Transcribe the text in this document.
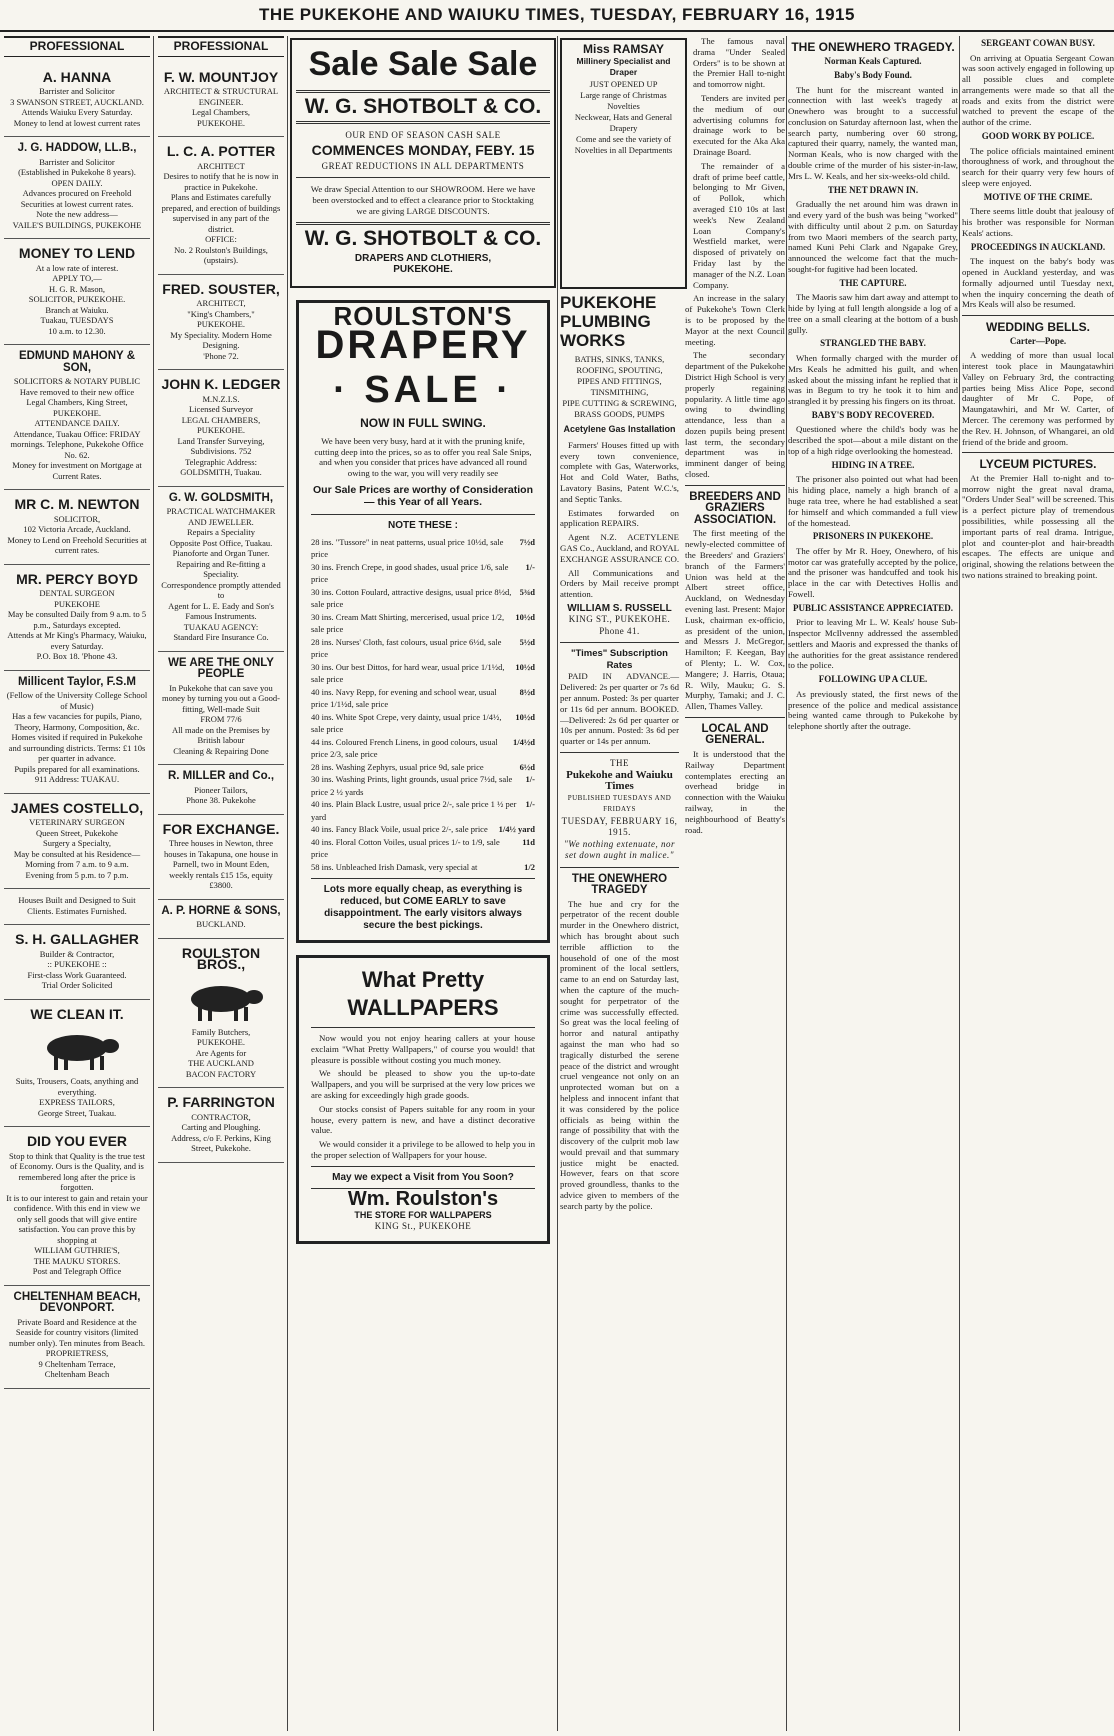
THE PUKEKOHE AND WAIUKU TIMES, TUESDAY, FEBRUARY 16, 1915
PROFESSIONAL
A. HANNA
Barrister and Solicitor
3 SWANSON STREET, AUCKLAND.
Attends Waiuku Every Saturday.
Money to lend at lowest current rates
J. G. HADDOW, LL.B.,
Barrister and Solicitor
(Established in Pukekohe 8 years).
OPEN DAILY.
Advances procured on Freehold Securities at lowest current rates.
Note the new address—
VAILE'S BUILDINGS, PUKEKOHE
MONEY TO LEND
At a low rate of interest.
APPLY TO,—
H. G. R. Mason,
SOLICITOR, PUKEKOHE.
Branch at Waiuku.
Tuakau, TUESDAYS
10 a.m. to 12.30.
EDMUND MAHONY & SON,
SOLICITORS & NOTARY PUBLIC
Have removed to their new office
Legal Chambers, King Street,
PUKEKOHE.
ATTENDANCE DAILY.
Attendance, Tuakau Office: FRIDAY mornings. Telephone, Pukekohe Office No. 62.
Money for investment on Mortgage at Current Rates.
MR C. M. NEWTON
SOLICITOR,
102 Victoria Arcade, Auckland.
Money to Lend on Freehold Securities at current rates.
MR. PERCY BOYD
DENTAL SURGEON
PUKEKOHE
May be consulted Daily from 9 a.m. to 5 p.m., Saturdays excepted.
Attends at Mr King's Pharmacy, Waiuku, every Saturday.
P.O. Box 18. 'Phone 43.
Millicent Taylor, F.S.M
(Fellow of the University College School of Music)
Has a few vacancies for pupils, Piano, Theory, Harmony, Composition, &c. Homes visited if required in Pukekohe and surrounding districts. Terms: £1 10s per quarter in advance.
Pupils prepared for all examinations.
911 Address: TUAKAU.
JAMES COSTELLO,
VETERINARY SURGEON
Queen Street, Pukekohe
Surgery a Specialty,
May be consulted at his Residence—
Morning from 7 a.m. to 9 a.m.
Evening from 5 p.m. to 7 p.m.
Houses Built and Designed to Suit Clients. Estimates Furnished.
S. H. GALLAGHER
Builder & Contractor,
:: PUKEKOHE ::
First-class Work Guaranteed.
Trial Order Solicited
WE CLEAN IT.
Suits, Trousers, Coats, anything and everything.
EXPRESS TAILORS,
George Street, Tuakau.
DID YOU EVER
Stop to think that Quality is the true test of Economy. Ours is the Quality, and is remembered long after the price is forgotten.
It is to our interest to gain and retain your confidence. With this end in view we only sell goods that will give entire satisfaction. You can prove this by shopping at
WILLIAM GUTHRIE'S,
THE MAUKU STORES.
Post and Telegraph Office
CHELTENHAM BEACH, DEVONPORT.
Private Board and Residence at the Seaside for country visitors (limited number only). Ten minutes from Beach.
PROPRIETRESS,
9 Cheltenham Terrace,
Cheltenham Beach
PROFESSIONAL
F. W. MOUNTJOY
ARCHITECT & STRUCTURAL ENGINEER.
Legal Chambers,
PUKEKOHE.
L. C. A. POTTER
ARCHITECT
Desires to notify that he is now in practice in Pukekohe.
Plans and Estimates carefully prepared, and erection of buildings supervised in any part of the district.
OFFICE:
No. 2 Roulston's Buildings, (upstairs).
FRED. SOUSTER,
ARCHITECT,
"King's Chambers,"
PUKEKOHE.
My Speciality. Modern Home Designing.
'Phone 72.
JOHN K. LEDGER
M.N.Z.I.S.
Licensed Surveyor
LEGAL CHAMBERS,
PUKEKOHE.
Land Transfer Surveying, Subdivisions. 752
Telegraphic Address: GOLDSMITH, Tuakau.
G. W. GOLDSMITH,
PRACTICAL WATCHMAKER AND JEWELLER.
Repairs a Speciality
Opposite Post Office, Tuakau.
Pianoforte and Organ Tuner. Repairing and Re-fitting a Speciality.
Correspondence promptly attended to
Agent for L. E. Eady and Son's Famous Instruments.
TUAKAU AGENCY:
Standard Fire Insurance Co.
WE ARE THE ONLY PEOPLE
In Pukekohe that can save you money by turning you out a Good-fitting, Well-made Suit
FROM 77/6
All made on the Premises by British labour
Cleaning & Repairing Done
R. MILLER and Co.,
Pioneer Tailors,
Phone 38. Pukekohe
FOR EXCHANGE.
Three houses in Newton, three houses in Takapuna, one house in Parnell, two in Mount Eden, weekly rentals £15 15s, equity £3800.
A. P. HORNE & SONS,
BUCKLAND.
ROULSTON BROS.,
Family Butchers,
PUKEKOHE.
Are Agents for
THE AUCKLAND
BACON FACTORY
P. FARRINGTON
CONTRACTOR,
Carting and Ploughing.
Address, c/o F. Perkins, King Street, Pukekohe.
Sale Sale Sale
W. G. SHOTBOLT & CO.
OUR END OF SEASON CASH SALE
COMMENCES MONDAY, FEBY. 15
GREAT REDUCTIONS IN ALL DEPARTMENTS

We draw Special Attention to our SHOWROOM. Here we have been overstocked and to effect a clearance prior to Stocktaking we are giving LARGE DISCOUNTS.

W. G. SHOTBOLT & CO.
DRAPERS AND CLOTHIERS,
PUKEKOHE.
ROULSTON'S
DRAPERY
· SALE ·
NOW IN FULL SWING.

We have been very busy, hard at it with the pruning knife, cutting deep into the prices, so as to offer you real Sale Snips, and when you consider that prices have advanced all round owing to the war, you will very readily see

Our Sale Prices are worthy of Consideration — this Year of all Years.
NOTE THESE :
28 ins. "Tussore" in neat patterns, usual price 10½d, sale price
7½d
30 ins. French Crepe, in good shades, usual price 1/6, sale price
1/-
30 ins. Cotton Foulard, attractive designs, usual price 8½d, sale price
5¾d
30 ins. Cream Matt Shirting, mercerised, usual price 1/2, sale price
10½d
28 ins. Nurses' Cloth, fast colours, usual price 6½d, sale price
5½d
30 ins. Our best Dittos, for hard wear, usual price 1/1½d, sale price
10½d
40 ins. Navy Repp, for evening and school wear, usual price 1/1½d, sale price
8½d
40 ins. White Spot Crepe, very dainty, usual price 1/4½, sale price
10½d
44 ins. Coloured French Linens, in good colours, usual price 2/3, sale price
1/4½d
28 ins. Washing Zephyrs, usual price 9d, sale price	6½d
30 ins. Washing Prints, light grounds, usual price 7½d, sale price 2 ½ yards
1/-
40 ins. Plain Black Lustre, usual price 2/-, sale price 1 ½ per yard
1/-
40 ins. Fancy Black Voile, usual price 2/-, sale price 1/4½ yard
40 ins. Floral Cotton Voiles, usual prices 1/- to 1/9, sale price
11d
58 ins. Unbleached Irish Damask, very special at	1/2
Lots more equally cheap, as everything is reduced, but COME EARLY to save disappointment. The early visitors always secure the best pickings.
What Pretty WALLPAPERS

Now would you not enjoy hearing callers at your house exclaim "What Pretty Wallpapers," of course you would! that pleasure is possible without costing you much money.

We should be pleased to show you the up-to-date Wallpapers, and you will be surprised at the very low prices we are asking for exceedingly high grade goods.

Our stocks consist of Papers suitable for any room in your house, every pattern is new, and have a distinct decorative value.

We would consider it a privilege to be allowed to help you in the proper selection of Wallpapers for your house.

May we expect a Visit from You Soon?
Wm. Roulston's
THE STORE FOR WALLPAPERS
KING St., PUKEKOHE
Miss RAMSAY
Millinery Specialist and Draper
JUST OPENED UP
Large range of Christmas Novelties
Neckwear, Hats and General Drapery
Come and see the variety of Novelties in all Departments

The famous naval drama "Under Sealed Orders" is to be shown at the Premier Hall to-night and tomorrow night.

Tenders are invited per the medium of our advertising columns for drainage work to be executed for the Aka Aka Drainage Board.

The remainder of a draft of prime beef cattle, belonging to Mr Given, of Pollok, which averaged £10 10s at last week's New Zealand Loan Company's Westfield market, were disposed of privately on Friday last by the manager of the N.Z. Loan Company.

PUKEKOHE PLUMBING WORKS
BATHS, SINKS, TANKS,
ROOFING, SPOUTING,
PIPES AND FITTINGS,
TINSMITHING,
PIPE CUTTING & SCREWING,
BRASS GOODS, PUMPS
Acetylene Gas Installation

Farmers' Houses fitted up with every town convenience, complete with Gas, Waterworks, Hot and Cold Water, Baths, Lavatory Basins, Patent W.C.'s, and Septic Tanks.

Estimates forwarded on application REPAIRS.

Agent N.Z. ACETYLENE GAS Co., Auckland, and ROYAL EXCHANGE ASSURANCE CO.

All Communications and Orders by Mail receive prompt attention.

WILLIAM S. RUSSELL
KING ST., PUKEKOHE.
Phone 41.
"Times" Subscription Rates

PAID IN ADVANCE.—Delivered: 2s per quarter or 7s 6d per annum. Posted: 3s per quarter or 11s 6d per annum. BOOKED.—Delivered: 2s 6d per quarter or 10s per annum. Posted: 3s 6d per quarter or 14s per annum.

THE
Pukekohe and Waiuku Times
PUBLISHED TUESDAYS AND FRIDAYS
TUESDAY, FEBRUARY 16, 1915.
"We nothing extenuate, nor set down aught in malice."
THE ONEWHERO TRAGEDY

The hue and cry for the perpetrator of the recent double murder in the Onewhero district, which has brought about such terrible affliction to the household of one of the most prominent of the local settlers, came to an end on Saturday last, when the capture of the much-sought for perpetrator of the crime was successfully effected. So great was the local feeling of horror and natural antipathy against the man who had so tragically disturbed the serene peace of the district and wrought cruel vengeance not only on an unprotected woman but on a helpless and innocent infant that it was considered by the police officials as being within the range of possibility that with the discovery of the culprit mob law would prevail and that summary justice might be enacted. However, fears on that score proved groundless, thanks to the advice given to members of the search party by the police.

An increase in the salary of Pukekohe's Town Clerk is to be proposed by the Mayor at the next Council meeting.

The secondary department of the Pukekohe District High School is very properly regaining popularity. A little time ago owing to dwindling attendance, less than a dozen pupils being present last term, the secondary department was in imminent danger of being closed.

BREEDERS AND GRAZIERS ASSOCIATION.

The first meeting of the newly-elected committee of the Breeders' and Graziers' branch of the Farmers' Union was held at the Albert street office, Auckland, on Wednesday evening last. Present: Major Lusk, chairman ex-officio, as president of the union, and Messrs J. McGregor, Hamilton; F. Keegan, Bay of Plenty; L. W. Cox, Mangere; J. Harris, Otaua; R. Wily, Mauku; G. S. Murphy, Tamaki; and J. C. Allen, Thames Valley.

LOCAL AND GENERAL.

It is understood that the Railway Department contemplates erecting an overhead bridge in connection with the Waiuku railway, in the neighbourhood of Beatty's road.

THE ONEWHERO TRAGEDY.
Norman Keals Captured.
Baby's Body Found.

The hunt for the miscreant wanted in connection with last week's tragedy at Onewhero was brought to a successful conclusion on Saturday afternoon last, when the search party, numbering over 60 strong, captured their quarry, namely, the wanted man, Norman Keals, who is now charged with the double crime of the murder of his sister-in-law, Mrs L. W. Keals, and her six-weeks-old child.

THE NET DRAWN IN.

Gradually the net around him was drawn in and every yard of the bush was being "worked" with difficulty until about 2 p.m. on Saturday from two Maori members of the search party, named Kuni Pehi Clark and Ngapake Grey, announced the welcome fact that the much-sought-for fugitive had been located.

THE CAPTURE.

The Maoris saw him dart away and attempt to hide by lying at full length alongside a log of a tree on a small clearing at the bottom of a bush gully.

STRANGLED THE BABY.

When formally charged with the murder of Mrs Keals he admitted his guilt, and when asked about the missing infant he replied that it was in Begum to try he took it to him and strangled it by pressing his fingers on its throat.

BABY'S BODY RECOVERED.

Questioned where the child's body was he described the spot—about a mile distant on the top of a high ridge overlooking the homestead.

HIDING IN A TREE.

The prisoner also pointed out what had been his hiding place, namely a high branch of a huge rata tree, where he had established a seat for himself and which commanded a full view of the homestead.

PRISONERS IN PUKEKOHE.

The offer by Mr R. Hoey, Onewhero, of his motor car was gratefully accepted by the police, and the prisoner was handcuffed and took his place in the car with Detectives Hollis and Fowell.

PUBLIC ASSISTANCE APPRECIATED.

Prior to leaving Mr L. W. Keals' house Sub-Inspector McIlvenny addressed the assembled settlers and Maoris and expressed the thanks of the authorities for the great assistance rendered to the police.

FOLLOWING UP A CLUE.

As previously stated, the first news of the presence of the police and medical assistance being wanted came through to Pukekohe by telephone shortly after the outrage.

SERGEANT COWAN BUSY.

On arriving at Opuatia Sergeant Cowan was soon actively engaged in following up all possible clues and complete arrangements were made so that all the roads and exits from the district were watched to prevent the escape of the author of the crime.

GOOD WORK BY POLICE.

The police officials maintained eminent thoroughness of work, and throughout the search for their quarry very few hours of sleep were enjoyed.

MOTIVE OF THE CRIME.

There seems little doubt that jealousy of his brother was responsible for Norman Keals' actions.

PROCEEDINGS IN AUCKLAND.

The inquest on the baby's body was opened in Auckland yesterday, and was formally adjourned until Tuesday next, when the inquiry concerning the death of Mrs Keals will also be resumed.

WEDDING BELLS.
Carter—Pope.

A wedding of more than usual local interest took place in Maungatawhiri Valley on February 3rd, the contracting parties being Miss Alice Pope, second daughter of Mr C. Pope, of Maungatawhiri, and Mr W. Carter, of Mercer. The ceremony was performed by the Rev. H. Johnson, of Whangarei, an old friend of the bride and groom.

LYCEUM PICTURES.

At the Premier Hall to-night and to-morrow night the great naval drama, "Orders Under Seal" will be screened. This is a perfect picture play of tremendous possibilities, while possessing all the important parts of real drama. Intrigue, plot and counter-plot and hair-breadth escapes. The effects are unique and original, showing the relations between the two nations strained to breaking point.
